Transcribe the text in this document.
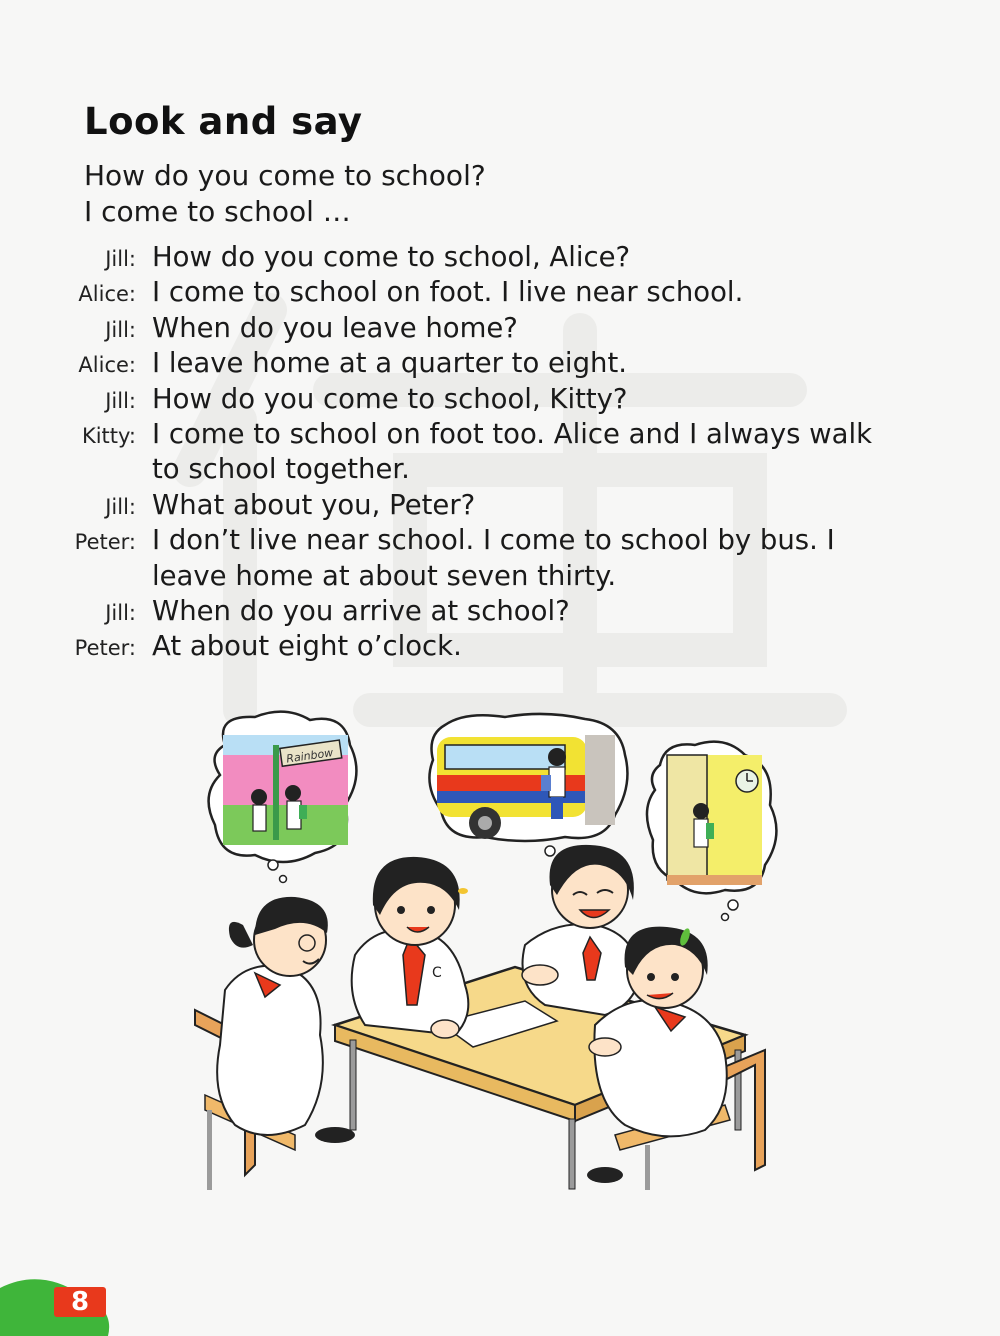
Look and say
How do you come to school?
I come to school …
Jill: How do you come to school, Alice?
Alice: I come to school on foot. I live near school.
Jill: When do you leave home?
Alice: I leave home at a quarter to eight.
Jill: How do you come to school, Kitty?
Kitty: I come to school on foot too. Alice and I always walk to school together.
Jill: What about you, Peter?
Peter: I don’t live near school. I come to school by bus. I leave home at about seven thirty.
Jill: When do you arrive at school?
Peter: At about eight o’clock.
Rainbow
C
8
